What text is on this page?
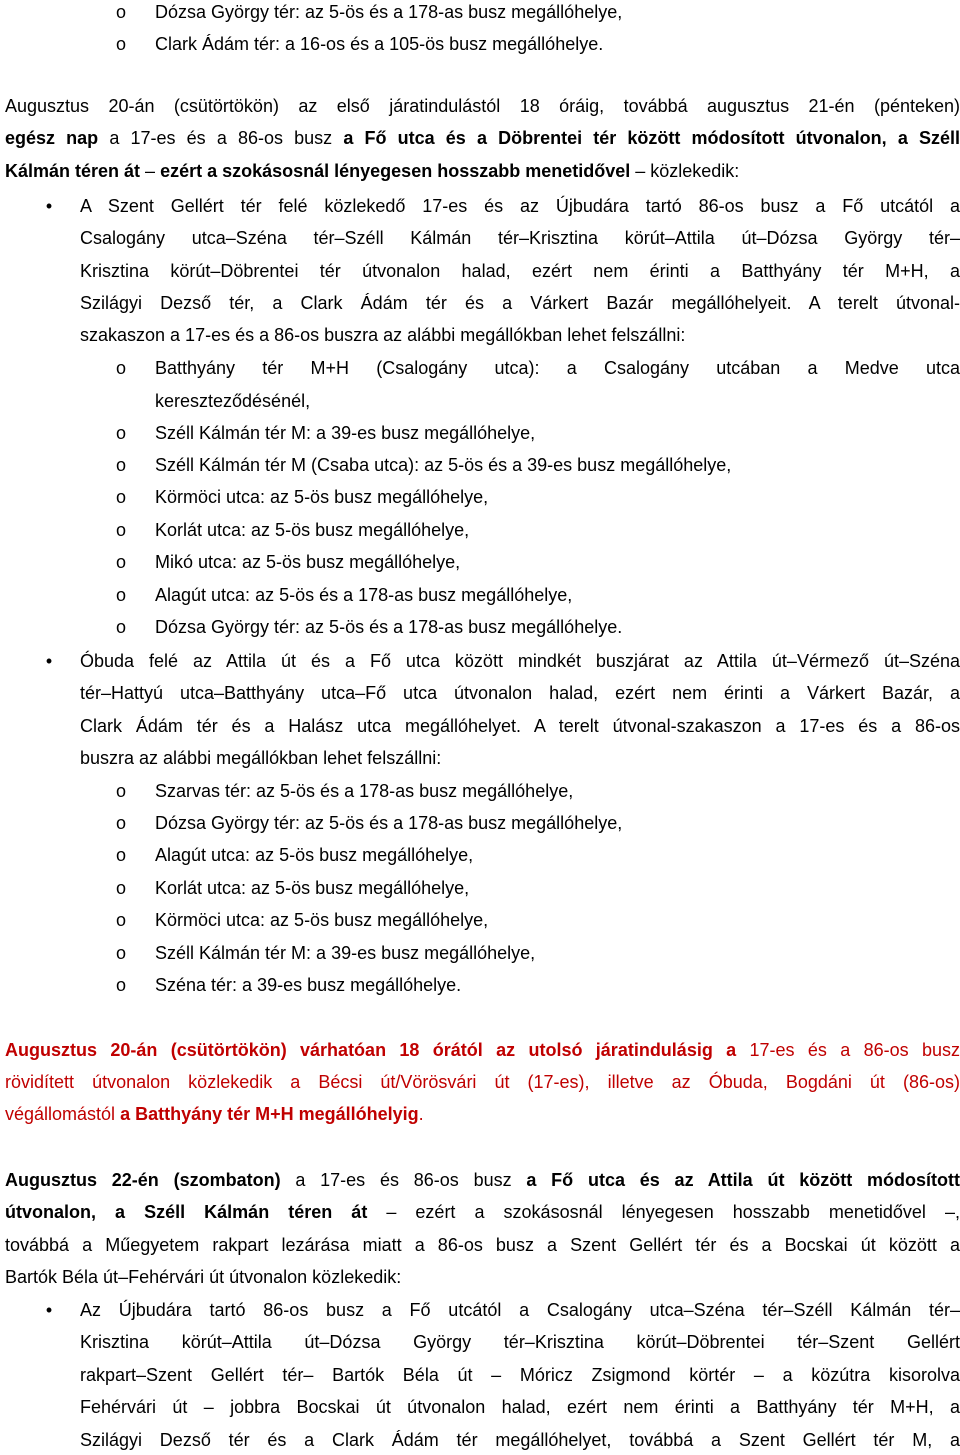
o	Dózsa György tér: az 5-ös és a 178-as busz megállóhelye,
o	Clark Ádám tér: a 16-os és a 105-ös busz megállóhelye.
Augusztus 20-án (csütörtökön) az első járatindulástól 18 óráig, továbbá augusztus 21-én (pénteken)
egész nap a 17-es és a 86-os busz a Fő utca és a Döbrentei tér között módosított útvonalon, a Széll
Kálmán téren át – ezért a szokásosnál lényegesen hosszabb menetidővel – közlekedik:
• A Szent Gellért tér felé közlekedő 17-es és az Újbudára tartó 86-os busz a Fő utcától a
Csalogány utca–Széna tér–Széll Kálmán tér–Krisztina körút–Attila út–Dózsa György tér–
Krisztina körút–Döbrentei tér útvonalon halad, ezért nem érinti a Batthyány tér M+H, a
Szilágyi Dezső tér, a Clark Ádám tér és a Várkert Bazár megállóhelyeit. A terelt útvonal-
szakaszon a 17-es és a 86-os buszra az alábbi megállókban lehet felszállni:
o	Batthyány tér M+H (Csalogány utca): a Csalogány utcában a Medve utca
kereszteződésénél,
o	Széll Kálmán tér M: a 39-es busz megállóhelye,
o	Széll Kálmán tér M (Csaba utca): az 5-ös és a 39-es busz megállóhelye,
o	Körmöci utca: az 5-ös busz megállóhelye,
o	Korlát utca: az 5-ös busz megállóhelye,
o	Mikó utca: az 5-ös busz megállóhelye,
o	Alagút utca: az 5-ös és a 178-as busz megállóhelye,
o	Dózsa György tér: az 5-ös és a 178-as busz megállóhelye.
• Óbuda felé az Attila út és a Fő utca között mindkét buszjárat az Attila út–Vérmező út–Széna
tér–Hattyú utca–Batthyány utca–Fő utca útvonalon halad, ezért nem érinti a Várkert Bazár, a
Clark Ádám tér és a Halász utca megállóhelyet. A terelt útvonal-szakaszon a 17-es és a 86-os
buszra az alábbi megállókban lehet felszállni:
o	Szarvas tér: az 5-ös és a 178-as busz megállóhelye,
o	Dózsa György tér: az 5-ös és a 178-as busz megállóhelye,
o	Alagút utca: az 5-ös busz megállóhelye,
o	Korlát utca: az 5-ös busz megállóhelye,
o	Körmöci utca: az 5-ös busz megállóhelye,
o	Széll Kálmán tér M: a 39-es busz megállóhelye,
o	Széna tér: a 39-es busz megállóhelye.
Augusztus 20-án (csütörtökön) várhatóan 18 órától az utolsó járatindulásig a 17-es és a 86-os busz
rövidített útvonalon közlekedik a Bécsi út/Vörösvári út (17-es), illetve az Óbuda, Bogdáni út (86-os)
végállomástól a Batthyány tér M+H megállóhelyig.
Augusztus 22-én (szombaton) a 17-es és 86-os busz a Fő utca és az Attila út között módosított
útvonalon, a Széll Kálmán téren át – ezért a szokásosnál lényegesen hosszabb menetidővel –,
továbbá a Műegyetem rakpart lezárása miatt a 86-os busz a Szent Gellért tér és a Bocskai út között a
Bartók Béla út–Fehérvári út útvonalon közlekedik:
• Az Újbudára tartó 86-os busz a Fő utcától a Csalogány utca–Széna tér–Széll Kálmán tér–
Krisztina körút–Attila út–Dózsa György tér–Krisztina körút–Döbrentei tér–Szent Gellért
rakpart–Szent Gellért tér– Bartók Béla út – Móricz Zsigmond körtér – a közútra kisorolva
Fehérvári út – jobbra Bocskai út útvonalon halad, ezért nem érinti a Batthyány tér M+H, a
Szilágyi Dezső tér és a Clark Ádám tér megállóhelyet, továbbá a Szent Gellért tér M, a
